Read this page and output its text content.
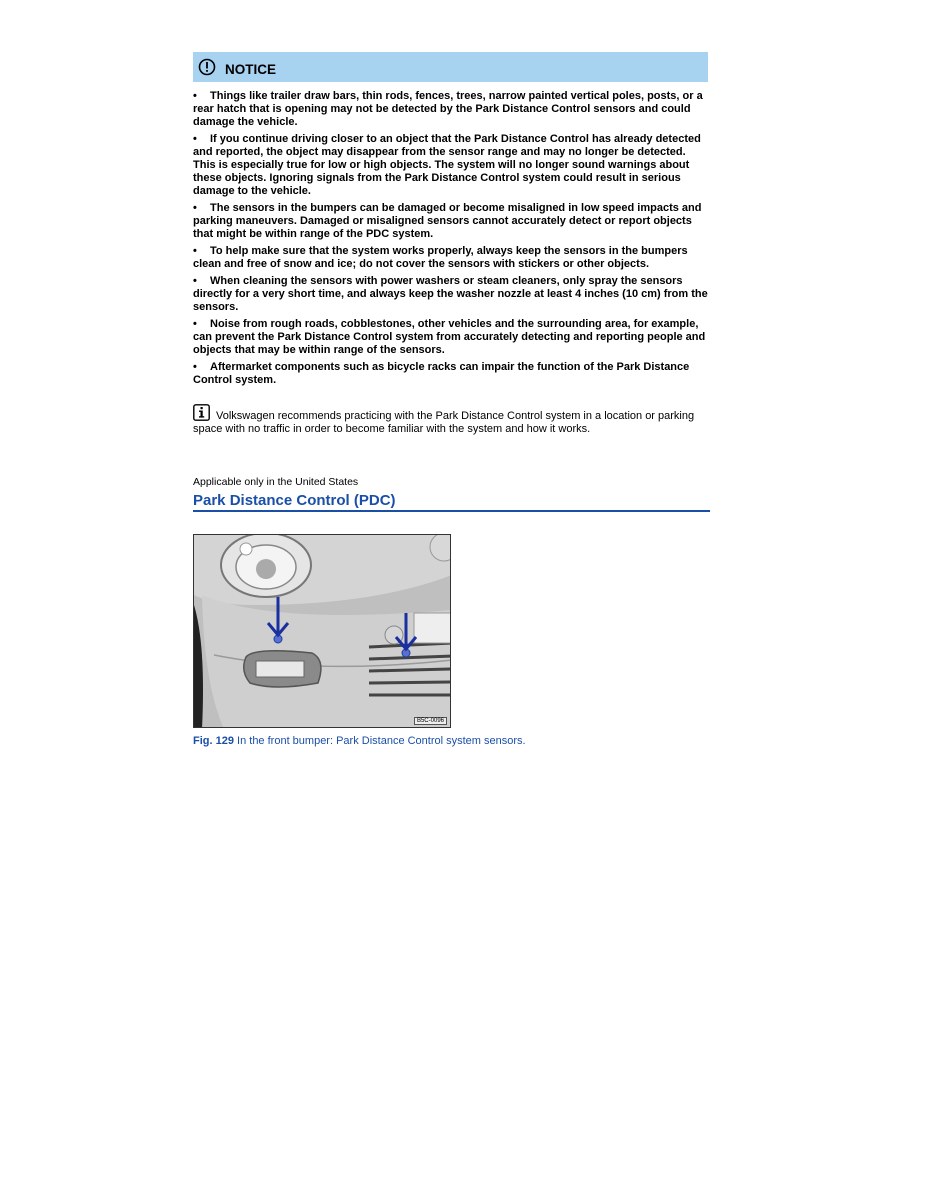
NOTICE
• Things like trailer draw bars, thin rods, fences, trees, narrow painted vertical poles, posts, or a rear hatch that is opening may not be detected by the Park Distance Control sensors and could damage the vehicle.
• If you continue driving closer to an object that the Park Distance Control has already detected and reported, the object may disappear from the sensor range and may no longer be detected. This is especially true for low or high objects. The system will no longer sound warnings about these objects. Ignoring signals from the Park Distance Control system could result in serious damage to the vehicle.
• The sensors in the bumpers can be damaged or become misaligned in low speed impacts and parking maneuvers. Damaged or misaligned sensors cannot accurately detect or report objects that might be within range of the PDC system.
• To help make sure that the system works properly, always keep the sensors in the bumpers clean and free of snow and ice; do not cover the sensors with stickers or other objects.
• When cleaning the sensors with power washers or steam cleaners, only spray the sensors directly for a very short time, and always keep the washer nozzle at least 4 inches (10 cm) from the sensors.
• Noise from rough roads, cobblestones, other vehicles and the surrounding area, for example, can prevent the Park Distance Control system from accurately detecting and reporting people and objects that may be within range of the sensors.
• Aftermarket components such as bicycle racks can impair the function of the Park Distance Control system.
Volkswagen recommends practicing with the Park Distance Control system in a location or parking space with no traffic in order to become familiar with the system and how it works.
Applicable only in the United States
Park Distance Control (PDC)
B5C-0096
Fig. 129 In the front bumper: Park Distance Control system sensors.
